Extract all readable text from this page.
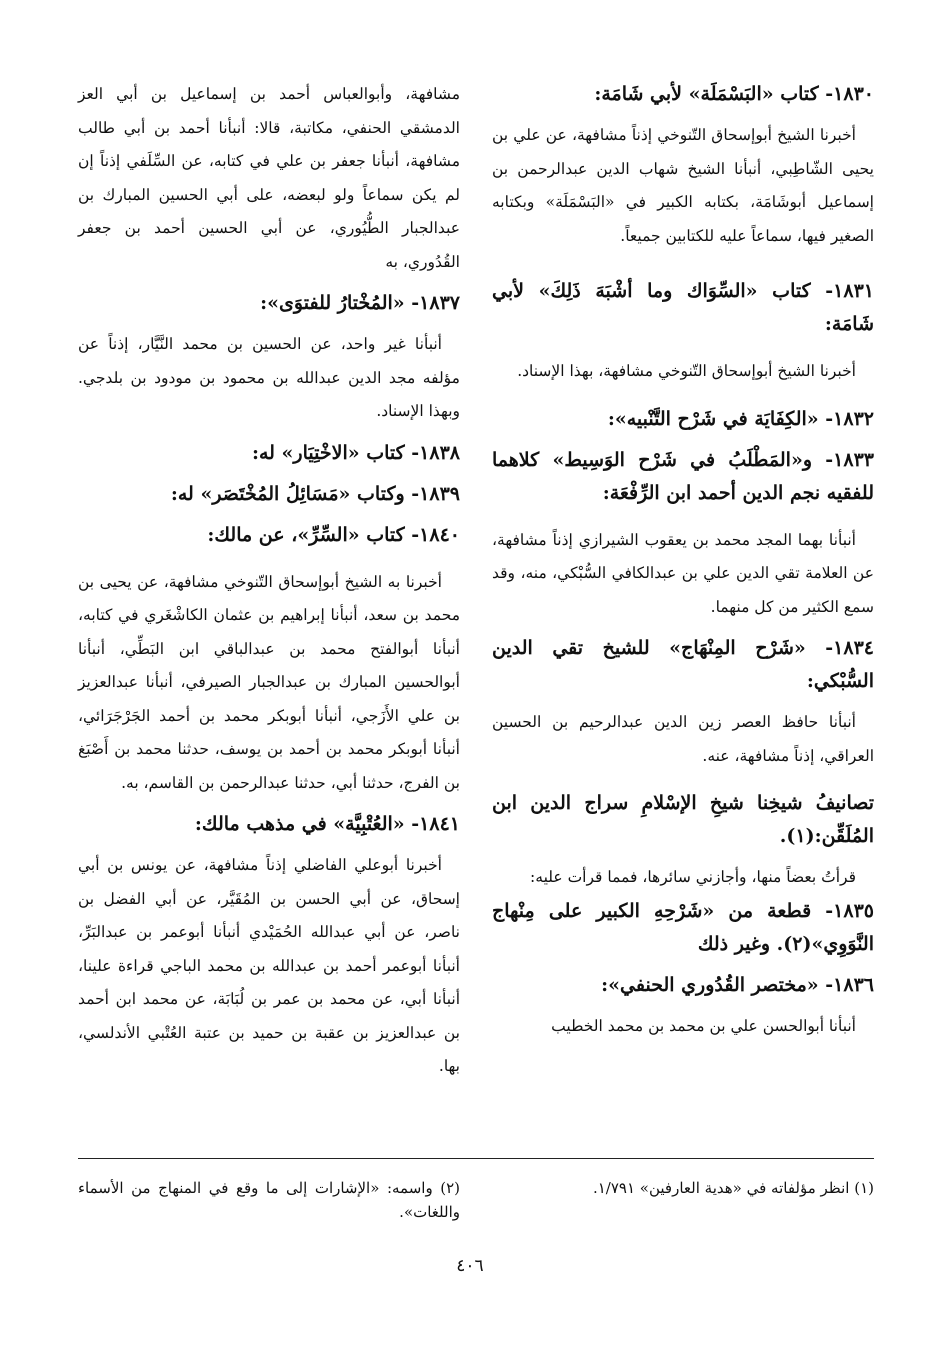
١٨٣٠- كتاب «البَسْمَلَة» لأبي شَامَة:

أخبرنا الشيخ أبوإسحاق التّنوخي إذناً مشافهة، عن علي بن يحيى الشّاطِبي، أنبأنا الشيخ شهاب الدين عبدالرحمن بن إسماعيل أبوشَامَة، بكتابه الكبير في «البَسْمَلَة» وبكتابه الصغير فيها، سماعاً عليه للكتابين جميعاً.

١٨٣١- كتاب «السِّوَاك وما أشْبَهَ ذَلِكَ» لأبي شَامَة:

أخبرنا الشيخ أبوإسحاق التّنوخي مشافهة، بهذا الإسناد.

١٨٣٢- «الكِفَايَة في شَرْح التَّنْبيه»:

١٨٣٣- و«المَطْلَبُ في شَرْح الوَسِيط» كلاهما للفقيه نجم الدين أحمد ابن الرِّفْعَة:

أنبأنا بهما المجد محمد بن يعقوب الشيرازي إذناً مشافهة، عن العلامة تقي الدين علي بن عبدالكافي السُّبْكي، منه، وقد سمع الكثير من كل منهما.

١٨٣٤- «شَرْح المِنْهَاج» للشيخ تقي الدين السُّبْكي:

أنبأنا حافظ العصر زين الدين عبدالرحيم بن الحسين العراقي، إذناً مشافهة، عنه.

تصانيفُ شيخِنا شيخِ الإسْلامِ سراج الدين ابن المُلَقِّن:(١).

قرأتُ بعضاً منها، وأجازني سائرها، فمما قرأت عليه:

١٨٣٥- قطعة من «شَرْحِهِ الكبير على مِنْهاج النَّوَوِي»(٢). وغير ذلك

١٨٣٦- «مختصر القُدُوري الحنفي»:

أنبأنا أبوالحسن علي بن محمد بن محمد الخطيب

مشافهة، وأبوالعباس أحمد بن إسماعيل بن أبي العز الدمشقي الحنفي، مكاتبة، قالا: أنبأنا أحمد بن أبي طالب مشافهة، أنبأنا جعفر بن علي في كتابه، عن السِّلَفي إذناً إن لم يكن سماعاً ولو لبعضه، على أبي الحسين المبارك بن عبدالجبار الطُّيُوري، عن أبي الحسين أحمد بن جعفر القُدُوري، به

١٨٣٧- «المُخْتارُ للفتوَى»:

أنبأنا غير واحد، عن الحسين بن محمد النَّيَّار، إذناً عن مؤلفه مجد الدين عبدالله بن محمود بن مودود بن بلدجي. وبهذا الإسناد.

١٨٣٨- كتاب «الاخْتِيَار» له:

١٨٣٩- وكتاب «مَسَائِلُ المُخْتَصَر» له:

١٨٤٠- كتاب «السِّرِّ»، عن مالك:

أخبرنا به الشيخ أبوإسحاق التّنوخي مشافهة، عن يحيى بن محمد بن سعد، أنبأنا إبراهيم بن عثمان الكاشْغَري في كتابه، أنبأنا أبوالفتح محمد بن عبدالباقي ابن البَطِّي، أنبأنا أبوالحسين المبارك بن عبدالجبار الصيرفي، أنبأنا عبدالعزيز بن علي الأَزَجي، أنبأنا أبوبكر محمد بن أحمد الجَرْجَرَائي، أنبأنا أبوبكر محمد بن أحمد بن يوسف، حدثنا محمد بن أَصْبَغ بن الفرج، حدثنا أبي، حدثنا عبدالرحمن بن القاسم، به.

١٨٤١- «العُتْبِيَّة» في مذهب مالك:

أخبرنا أبوعلي الفاضلي إذناً مشافهة، عن يونس بن أبي إسحاق، عن أبي الحسن بن المُقَيَّر، عن أبي الفضل بن ناصر، عن أبي عبدالله الحُمَيْدي أنبأنا أبوعمر بن عبدالبَرِّ، أنبأنا أبوعمر أحمد بن عبدالله بن محمد الباجي قراءة علينا، أنبأنا أبي، عن محمد بن عمر بن لُبَابَة، عن محمد ابن أحمد بن عبدالعزيز بن عقبة بن حميد بن عتبة العُتْبي الأندلسي، بها.

(١) انظر مؤلفاته في «هدية العارفين» ١/٧٩١.
(٢) واسمه: «الإشارات إلى ما وقع في المنهاج من الأسماء واللغات».
٤٠٦
